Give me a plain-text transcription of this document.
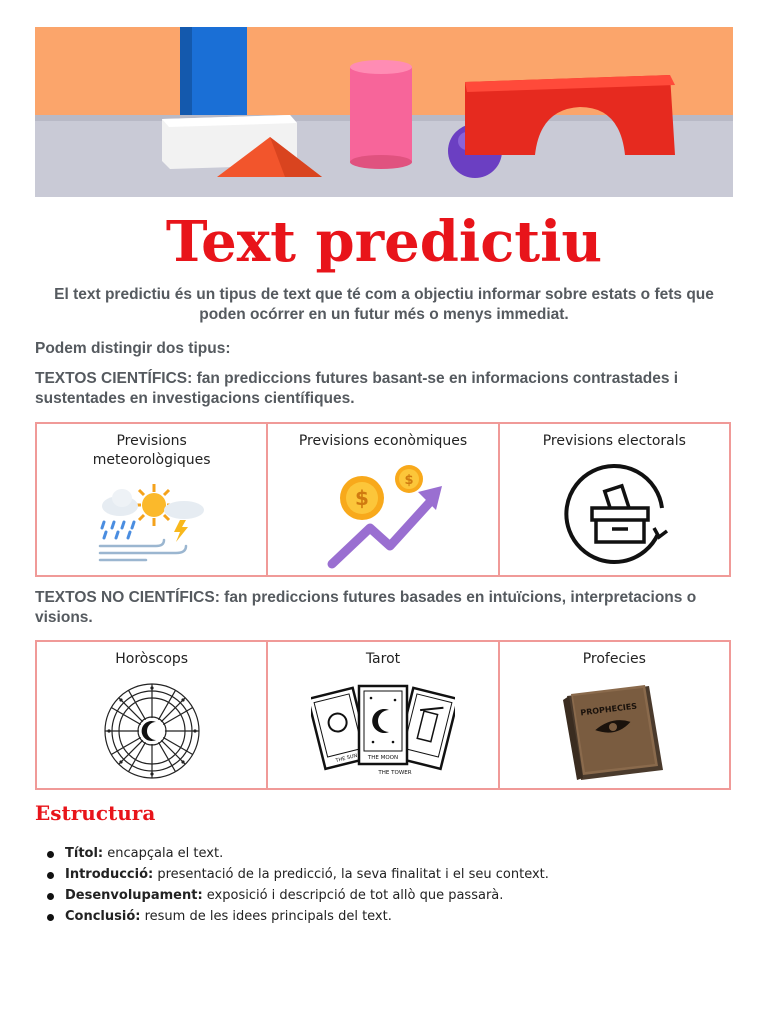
Text predictiu
El text predictiu és un tipus de text que té com a objectiu informar sobre estats o fets que poden ocórrer en un futur més o menys immediat.
Podem distingir dos tipus:
TEXTOS CIENTÍFICS: fan prediccions futures basant-se en informacions contrastades i sustentades en investigacions científiques.
Previsions meteorològiques
Previsions econòmiques
$
$
Previsions electorals
TEXTOS NO CIENTÍFICS: fan prediccions futures basades en intuïcions, interpretacions o visions.
Horòscops	Tarot
THE SUN THE MOON
THE TOWER
Profecies
PROPHECIES
Estructura
Títol: encapçala el text.
Introducció: presentació de la predicció, la seva finalitat i el seu context.
Desenvolupament: exposició i descripció de tot allò que passarà.
Conclusió: resum de les idees principals del text.
